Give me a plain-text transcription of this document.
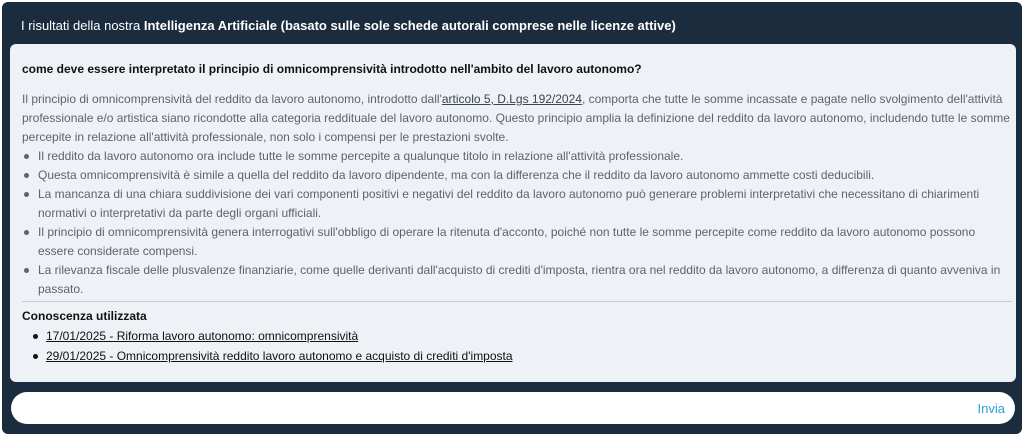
I risultati della nostra Intelligenza Artificiale (basato sulle sole schede autorali comprese nelle licenze attive)
come deve essere interpretato il principio di omnicomprensività introdotto nell'ambito del lavoro autonomo?

Il principio di omnicomprensività del reddito da lavoro autonomo, introdotto dall'articolo 5, D.Lgs 192/2024, comporta che tutte le somme incassate e pagate nello svolgimento dell'attività professionale e/o artistica siano ricondotte alla categoria reddituale del lavoro autonomo. Questo principio amplia la definizione del reddito da lavoro autonomo, includendo tutte le somme percepite in relazione all'attività professionale, non solo i compensi per le prestazioni svolte.

Il reddito da lavoro autonomo ora include tutte le somme percepite a qualunque titolo in relazione all'attività professionale.
Questa omnicomprensività è simile a quella del reddito da lavoro dipendente, ma con la differenza che il reddito da lavoro autonomo ammette costi deducibili.
La mancanza di una chiara suddivisione dei vari componenti positivi e negativi del reddito da lavoro autonomo può generare problemi interpretativi che necessitano di chiarimenti normativi o interpretativi da parte degli organi ufficiali.
Il principio di omnicomprensività genera interrogativi sull'obbligo di operare la ritenuta d'acconto, poiché non tutte le somme percepite come reddito da lavoro autonomo possono essere considerate compensi.
La rilevanza fiscale delle plusvalenze finanziarie, come quelle derivanti dall'acquisto di crediti d'imposta, rientra ora nel reddito da lavoro autonomo, a differenza di quanto avveniva in passato.
Conoscenza utilizzata
17/01/2025 - Riforma lavoro autonomo: omnicomprensività
29/01/2025 - Omnicomprensività reddito lavoro autonomo e acquisto di crediti d'imposta
Invia
